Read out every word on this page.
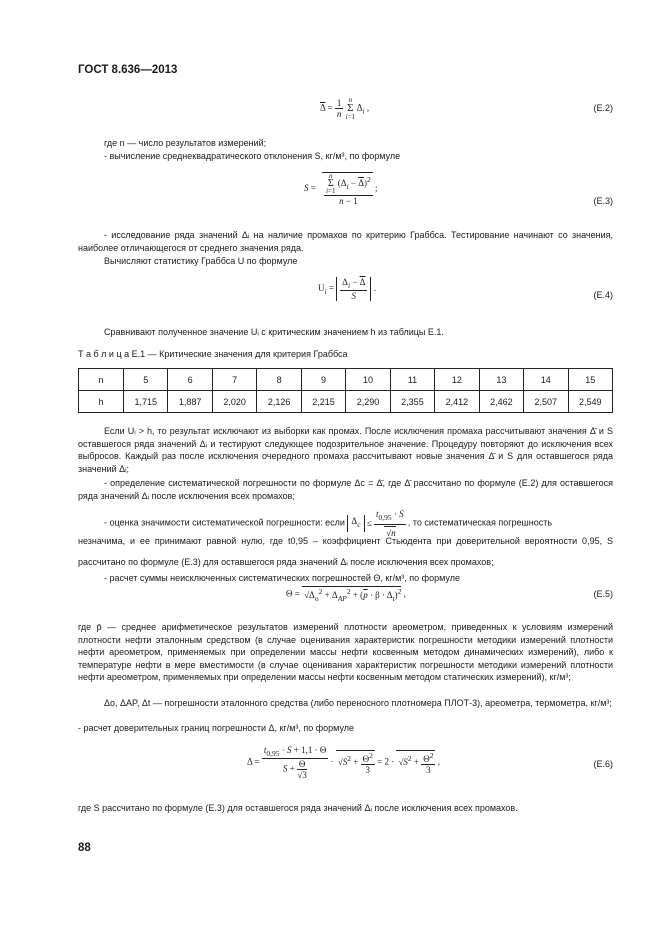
ГОСТ 8.636—2013
$\overline{\Delta} = \frac{1}{n}$ n
Σ
i=1 $\Delta_i$ ,	(Е.2)
где n — число результатов измерений;
- вычисление среднеквадратического отклонения S, кг/м³, по формуле
S =
n
Σ
i=1 $(\Delta_i - \overline{\Delta})^2$
n − 1
;
(Е.3)
- исследование ряда значений Δᵢ на наличие промахов по критерию Граббса. Тестирование начинают со значения, наиболее отличающегося от среднего значения ряда.
Вычисляют статистику Граббса U по формуле
$U_i = \frac{\Delta_i - \overline{\Delta}}{S}$ .
(Е.4)
Сравнивают полученное значение Uᵢ с критическим значением h из таблицы Е.1.
Т а б л и ц а Е.1 — Критические значения для критерия Граббса
n	5	6	7	8	9	10	11	12	13	14	15
h	1,715	1,887	2,020	2,126	2,215	2,290	2,355	2,412	2,462	2,507	2,549
Если Uᵢ > h, то результат исключают из выборки как промах. После исключения промаха рассчитывают значения Δ̄ и S оставшегося ряда значений Δᵢ и тестируют следующее подозрительное значение. Процедуру повторяют до исключения всех выбросов. Каждый раз после исключения очередного промаха рассчитывают новые значения Δ̄ и S для оставшегося ряда значений Δᵢ;
- определение систематической погрешности по формуле Δc = Δ̄, где Δ̄ рассчитано по формуле (Е.2) для оставшегося ряда значений Δᵢ после исключения всех промахов;
- оценка значимости систематической погрешности: если $\Delta_c \le \frac{t_{0,95} \cdot S}{√n}$ , то систематическая погрешность
незначима, и ее принимают равной нулю, где t0,95 – коэффициент Стьюдента при доверительной вероятности 0,95, S рассчитано по формуле (Е.3) для оставшегося ряда значений Δᵢ после исключения всех промахов;
- расчет суммы неисключенных систематических погрешностей Θ, кг/м³, по формуле
$\Theta = √\Delta_o^2 + \Delta_{AP}^2 + (\overline{p} \cdot \beta \cdot \Delta_t)^2$ ,	(Е.5)
где p̄ — среднее арифметическое результатов измерений плотности ареометром, приведенных к условиям измерений плотности нефти эталонным средством (в случае оценивания характеристик погрешности методики измерений плотности нефти ареометром, применяемых при определении массы нефти косвенным методом динамических измерений), либо к температуре нефти в мере вместимости (в случае оценивания характеристик погрешности методики измерений плотности нефти ареометром, применяемых при определении массы нефти косвенным методом статических измерений), кг/м³;
Δo, ΔAP, Δt — погрешности эталонного средства (либо переносного плотномера ПЛОТ-3), ареометра, термометра, кг/м³;
- расчет доверительных границ погрешности Δ, кг/м³, по формуле
$\Delta = \frac{t_{0,95} \cdot S + 1,1 \cdot \Theta}{S + \frac{\Theta}{√3}} \cdot √S^2 + \frac{\Theta^2}{3} = 2 \cdot √S^2 + \frac{\Theta^2}{3}$ ,	(Е.6)
где S рассчитано по формуле (Е.3) для оставшегося ряда значений Δᵢ после исключения всех промахов.
88
